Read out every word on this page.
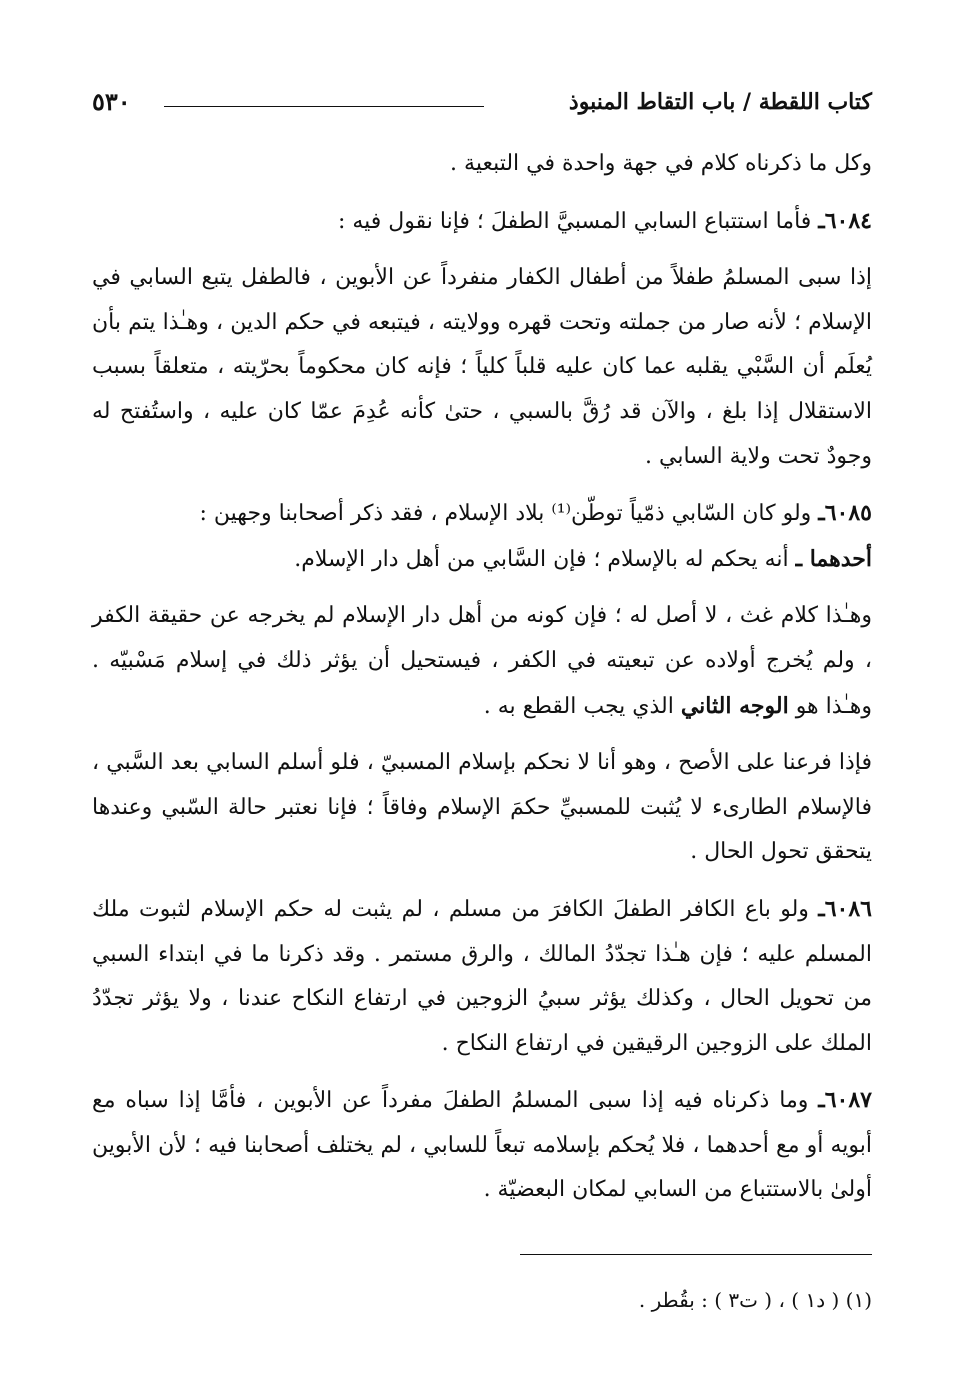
٥٣٠	كتاب اللقطة / باب التقاط المنبوذ

وكل ما ذكرناه كلام في جهة واحدة في التبعية .

٦٠٨٤ـ فأما استتباع السابي المسبيَّ الطفلَ ؛ فإنا نقول فيه :

إذا سبى المسلمُ طفلاً من أطفال الكفار منفرداً عن الأبوين ، فالطفل يتبع السابي في الإسلام ؛ لأنه صار من جملته وتحت قهره وولايته ، فيتبعه في حكم الدين ، وهـٰذا يتم بأن يُعلَم أن السَّبْي يقلبه عما كان عليه قلباً كلياً ؛ فإنه كان محكوماً بحرّيته ، متعلقاً بسبب الاستقلال إذا بلغ ، والآن قد رُقَّ بالسبي ، حتىٰ كأنه عُدِمَ عمّا كان عليه ، واستُفتح له وجودٌ تحت ولاية السابي .

٦٠٨٥ـ ولو كان السّابي ذمّياً توطّن⁽¹⁾ بلاد الإسلام ، فقد ذكر أصحابنا وجهين :

أحدهما ـ أنه يحكم له بالإسلام ؛ فإن السَّابي من أهل دار الإسلام.

وهـٰذا كلام غث ، لا أصل له ؛ فإن كونه من أهل دار الإسلام لم يخرجه عن حقيقة الكفر ، ولم يُخرج أولاده عن تبعيته في الكفر ، فيستحيل أن يؤثر ذلك في إسلام مَسْبيّه . وهـٰذا هو الوجه الثاني الذي يجب القطع به .

فإذا فرعنا على الأصح ، وهو أنا لا نحكم بإسلام المسبيّ ، فلو أسلم السابي بعد السَّبي ، فالإسلام الطارىء لا يُثبت للمسبيِّ حكمَ الإسلام وفاقاً ؛ فإنا نعتبر حالة السّبي وعندها يتحقق تحول الحال .

٦٠٨٦ـ ولو باع الكافر الطفلَ الكافرَ من مسلم ، لم يثبت له حكم الإسلام لثبوت ملك المسلم عليه ؛ فإن هـٰذا تجدّدُ المالك ، والرق مستمر . وقد ذكرنا ما في ابتداء السبي من تحويل الحال ، وكذلك يؤثر سبيُ الزوجين في ارتفاع النكاح عندنا ، ولا يؤثر تجدّدُ الملك على الزوجين الرقيقين في ارتفاع النكاح .

٦٠٨٧ـ وما ذكرناه فيه إذا سبى المسلمُ الطفلَ مفرداً عن الأبوين ، فأمَّا إذا سباه مع أبويه أو مع أحدهما ، فلا يُحكم بإسلامه تبعاً للسابي ، لم يختلف أصحابنا فيه ؛ لأن الأبوين أولىٰ بالاستتباع من السابي لمكان البعضيّة .

(١) ( د١ ) ، ( ت٣ ) : بقُطر .
